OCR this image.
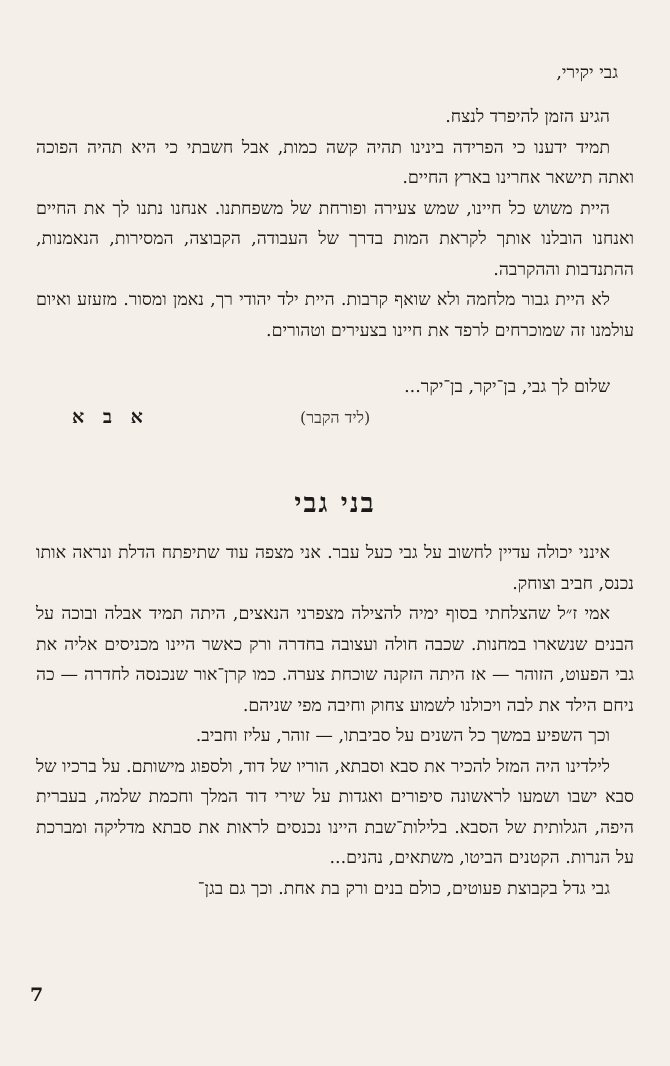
גבי יקירי,

הגיע הזמן להיפרד לנצח.

תמיד ידענו כי הפרידה בינינו תהיה קשה כמות, אבל חשבתי כי היא תהיה הפוכה ואתה תישאר אחרינו בארץ החיים.

היית משוש כל חיינו, שמש צעירה ופורחת של משפחתנו. אנחנו נתנו לך את החיים ואנחנו הובלנו אותך לקראת המות בדרך של העבודה, הקבוצה, המסירות, הנאמנות, ההתנדבות וההקרבה.

לא היית גבור מלחמה ולא שואף קרבות. היית ילד יהודי רך, נאמן ומסור. מזעזע ואיום עולמנו זה שמוכרחים לרפד את חיינו בצעירים וטהורים.

שלום לך גבי, בן־יקר, בן־יקר...
(ליד הקבר)
א ב א
בני גבי

אינני יכולה עדיין לחשוב על גבי כעל עבר. אני מצפה עוד שתיפתח הדלת ונראה אותו נכנס, חביב וצוחק.

אמי ז״ל שהצלחתי בסוף ימיה להצילה מצפרני הנאצים, היתה תמיד אבלה ובוכה על הבנים שנשארו במחנות. שכבה חולה ועצובה בחדרה ורק כאשר היינו מכניסים אליה את גבי הפעוט, הזוהר — אז היתה הזקנה שוכחת צערה. כמו קרן־אור שנכנסה לחדרה — כה ניחם הילד את לבה ויכולנו לשמוע צחוק וחיבה מפי שניהם.

וכך השפיע במשך כל השנים על סביבתו, — זוהר, עליז וחביב.

לילדינו היה המזל להכיר את סבא וסבתא, הוריו של דוד, ולספוג מישותם. על ברכיו של סבא ישבו ושמעו לראשונה סיפורים ואגדות על שירי דוד המלך וחכמת שלמה, בעברית היפה, הגלותית של הסבא. בלילות־שבת היינו נכנסים לראות את סבתא מדליקה ומברכת על הנרות. הקטנים הביטו, משתאים, נהנים...

גבי גדל בקבוצת פעוטים, כולם בנים ורק בת אחת. וכך גם בגן־

7
